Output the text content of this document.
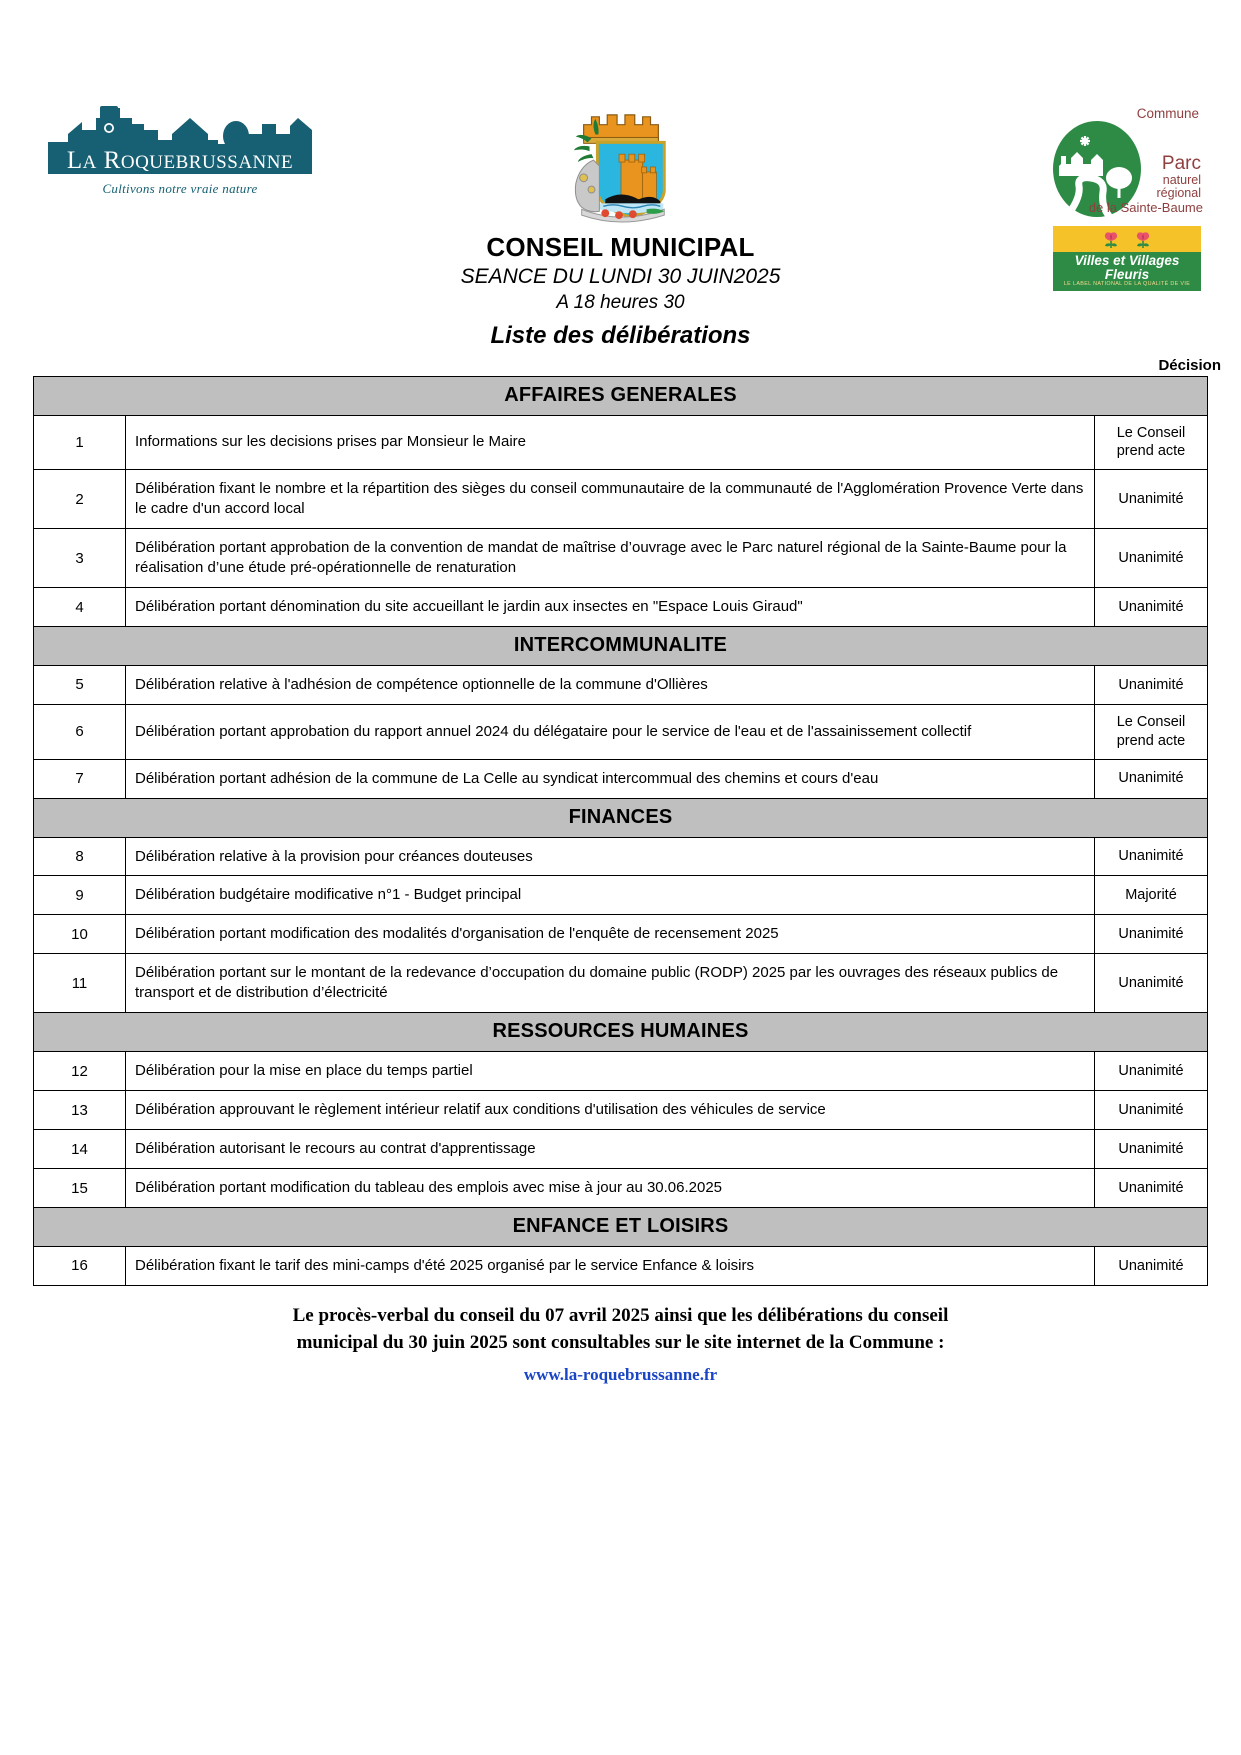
LA ROQUEBRUSSANNE
Cultivons notre vraie nature
Commune
Parc
naturel
régional
de la Sainte-Baume
Villes et Villages Fleuris
LE LABEL NATIONAL DE LA QUALITÉ DE VIE
CONSEIL MUNICIPAL
SEANCE DU LUNDI 30 JUIN2025
A 18 heures 30
Liste des délibérations
Décision
AFFAIRES GENERALES		
1	Informations sur les decisions prises par Monsieur le Maire	Le Conseil prend acte
2	Délibération fixant le nombre et la répartition des sièges du conseil communautaire de la communauté de l'Agglomération Provence Verte dans le cadre d'un accord local	Unanimité
3	Délibération portant approbation de la convention de mandat de maîtrise d’ouvrage avec le Parc naturel régional de la Sainte-Baume pour la réalisation d’une étude pré-opérationnelle de renaturation	Unanimité
4	Délibération portant dénomination du site accueillant le jardin aux insectes en "Espace Louis Giraud"	Unanimité
INTERCOMMUNALITE		
5	Délibération relative à l'adhésion de compétence optionnelle de la commune d'Ollières	Unanimité
6	Délibération portant approbation du rapport annuel 2024 du délégataire pour le service de l'eau et de l'assainissement collectif	Le Conseil prend acte
7	Délibération portant adhésion de la commune de La Celle au syndicat intercommual des chemins et cours d'eau	Unanimité
FINANCES		
8	Délibération relative à la provision pour créances douteuses	Unanimité
9	Délibération budgétaire modificative n°1 - Budget principal	Majorité
10	Délibération portant modification des modalités d'organisation de l'enquête de recensement 2025	Unanimité
11	Délibération portant sur le montant de la redevance d’occupation du domaine public (RODP) 2025 par les ouvrages des réseaux publics de transport et de distribution d’électricité	Unanimité
RESSOURCES HUMAINES		
12	Délibération pour la mise en place du temps partiel	Unanimité
13	Délibération approuvant le règlement intérieur relatif aux conditions d'utilisation des véhicules de service	Unanimité
14	Délibération autorisant le recours au contrat d'apprentissage	Unanimité
15	Délibération portant modification du tableau des emplois avec mise à jour au 30.06.2025	Unanimité
ENFANCE ET LOISIRS		
16	Délibération fixant le tarif des mini-camps d'été 2025 organisé par le service Enfance & loisirs	Unanimité
Le procès-verbal du conseil du 07 avril 2025 ainsi que les délibérations du conseil
municipal du 30 juin 2025 sont consultables sur le site internet de la Commune :
www.la-roquebrussanne.fr
